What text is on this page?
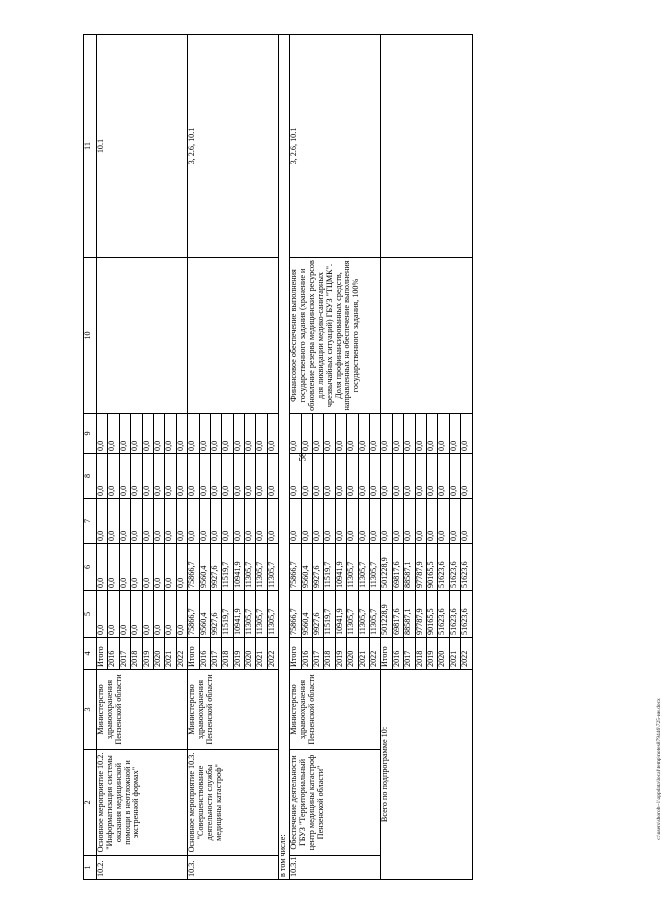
58
c:\users\shoroh~1\appdata\local\temp\notes879446\725-ин.docx
1	2	3	4	5	6	7	8	9	10	11
10.2.	Основное мероприятие 10.2. "Информатизация системы оказания медицинской помощи в неотложной и экстренной формах"	Министерство здравоохранения Пензенской области	Итого	0,0	0,0	0,0	0,0	0,0		10.1
			2016	0,0	0,0	0,0	0,0	0,0		
			2017	0,0	0,0	0,0	0,0	0,0		
			2018	0,0	0,0	0,0	0,0	0,0		
			2019	0,0	0,0	0,0	0,0	0,0		
			2020	0,0	0,0	0,0	0,0	0,0		
			2021	0,0	0,0	0,0	0,0	0,0		
			2022	0,0	0,0	0,0	0,0	0,0		
10.3.	Основное мероприятие 10.3. "Совершенствование деятельности службы медицины катастроф"	Министерство здравоохранения Пензенской области	Итого	75866,7	75866,7	0,0	0,0	0,0		3, 2.6, 10.1
			2016	9560,4	9560,4	0,0	0,0	0,0		
			2017	9927,6	9927,6	0,0	0,0	0,0		
			2018	11519,7	11519,7	0,0	0,0	0,0		
			2019	10941,9	10941,9	0,0	0,0	0,0		
			2020	11305,7	11305,7	0,0	0,0	0,0		
			2021	11305,7	11305,7	0,0	0,0	0,0		
			2022	11305,7	11305,7	0,0	0,0	0,0		
в том числе:										
10.3.1.	Обеспечение деятельности ГБУЗ "Территориальный центр медицины катастроф Пензенской области"	Министерство здравоохранения Пензенской области	Итого	75866,7	75866,7	0,0	0,0	0,0	Финансовое обеспечение выполнения государственного задания (хранение и обновление резерва медицинских ресурсов для ликвидации медико-санитарных чрезвычайных ситуаций) ГБУЗ "ТЦМК". Доля профинансированных средств, направленных на обеспечение выполнения государственного задания, 100%	3, 2.6, 10.1
			2016	9560,4	9560,4	0,0	0,0	0,0		
			2017	9927,6	9927,6	0,0	0,0	0,0		
			2018	11519,7	11519,7	0,0	0,0	0,0		
			2019	10941,9	10941,9	0,0	0,0	0,0		
			2020	11305,7	11305,7	0,0	0,0	0,0		
			2021	11305,7	11305,7	0,0	0,0	0,0		
			2022	11305,7	11305,7	0,0	0,0	0,0		
Всего по подпрограмме 10:			Итого	501228,9	501228,9	0,0	0,0	0,0		
			2016	69817,6	69817,6	0,0	0,0	0,0		
			2017	88587,1	88587,1	0,0	0,0	0,0		
			2018	97787,9	97787,9	0,0	0,0	0,0		
			2019	90165,5	90165,5	0,0	0,0	0,0		
			2020	51623,6	51623,6	0,0	0,0	0,0		
			2021	51623,6	51623,6	0,0	0,0	0,0		
			2022	51623,6	51623,6	0,0	0,0	0,0		
